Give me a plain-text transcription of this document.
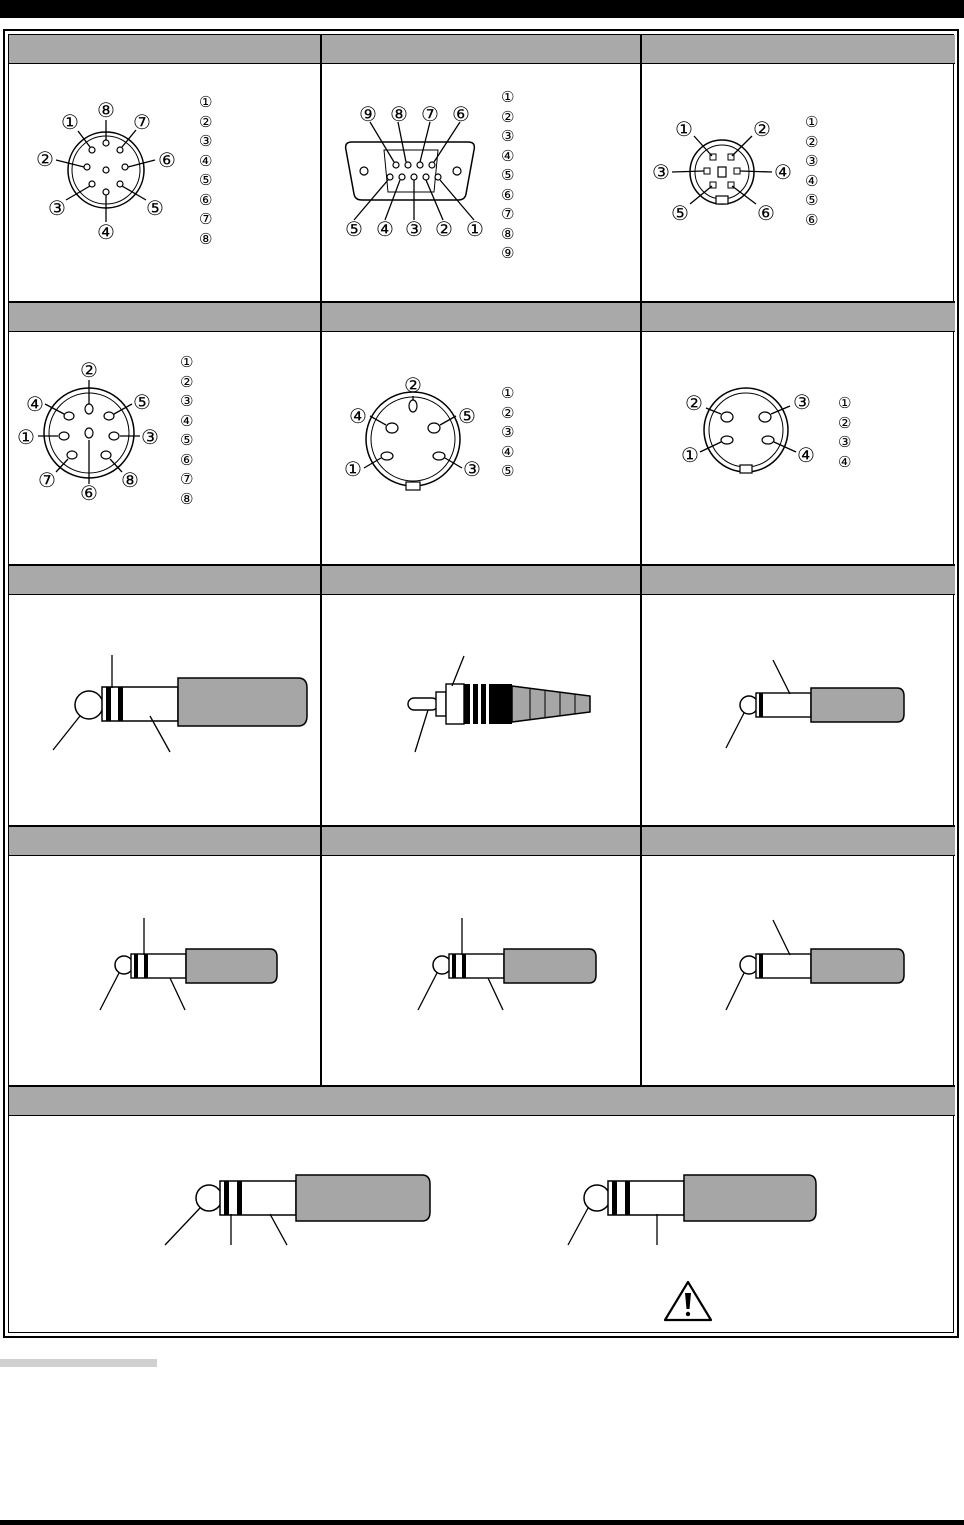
①
②
③
④
⑤
⑥
⑦
⑧
①
②
③
④
⑤
⑥
⑦
⑧
⑨
①
②
③
④
⑤
⑥
①
②
③
④
⑤
⑥
⑦
⑧
①
②
③
④
⑤
①
②
③
④
⑧ ⑦
⑥
⑤
④
③
②
①	⑨ ⑧ ⑦ ⑥
⑤ ④ ③ ② ①
①	②
③	④
⑤	⑥
②
④	⑤
①	③
⑦
⑥
⑧
②
④	⑤
①	③
②	③
①	④
